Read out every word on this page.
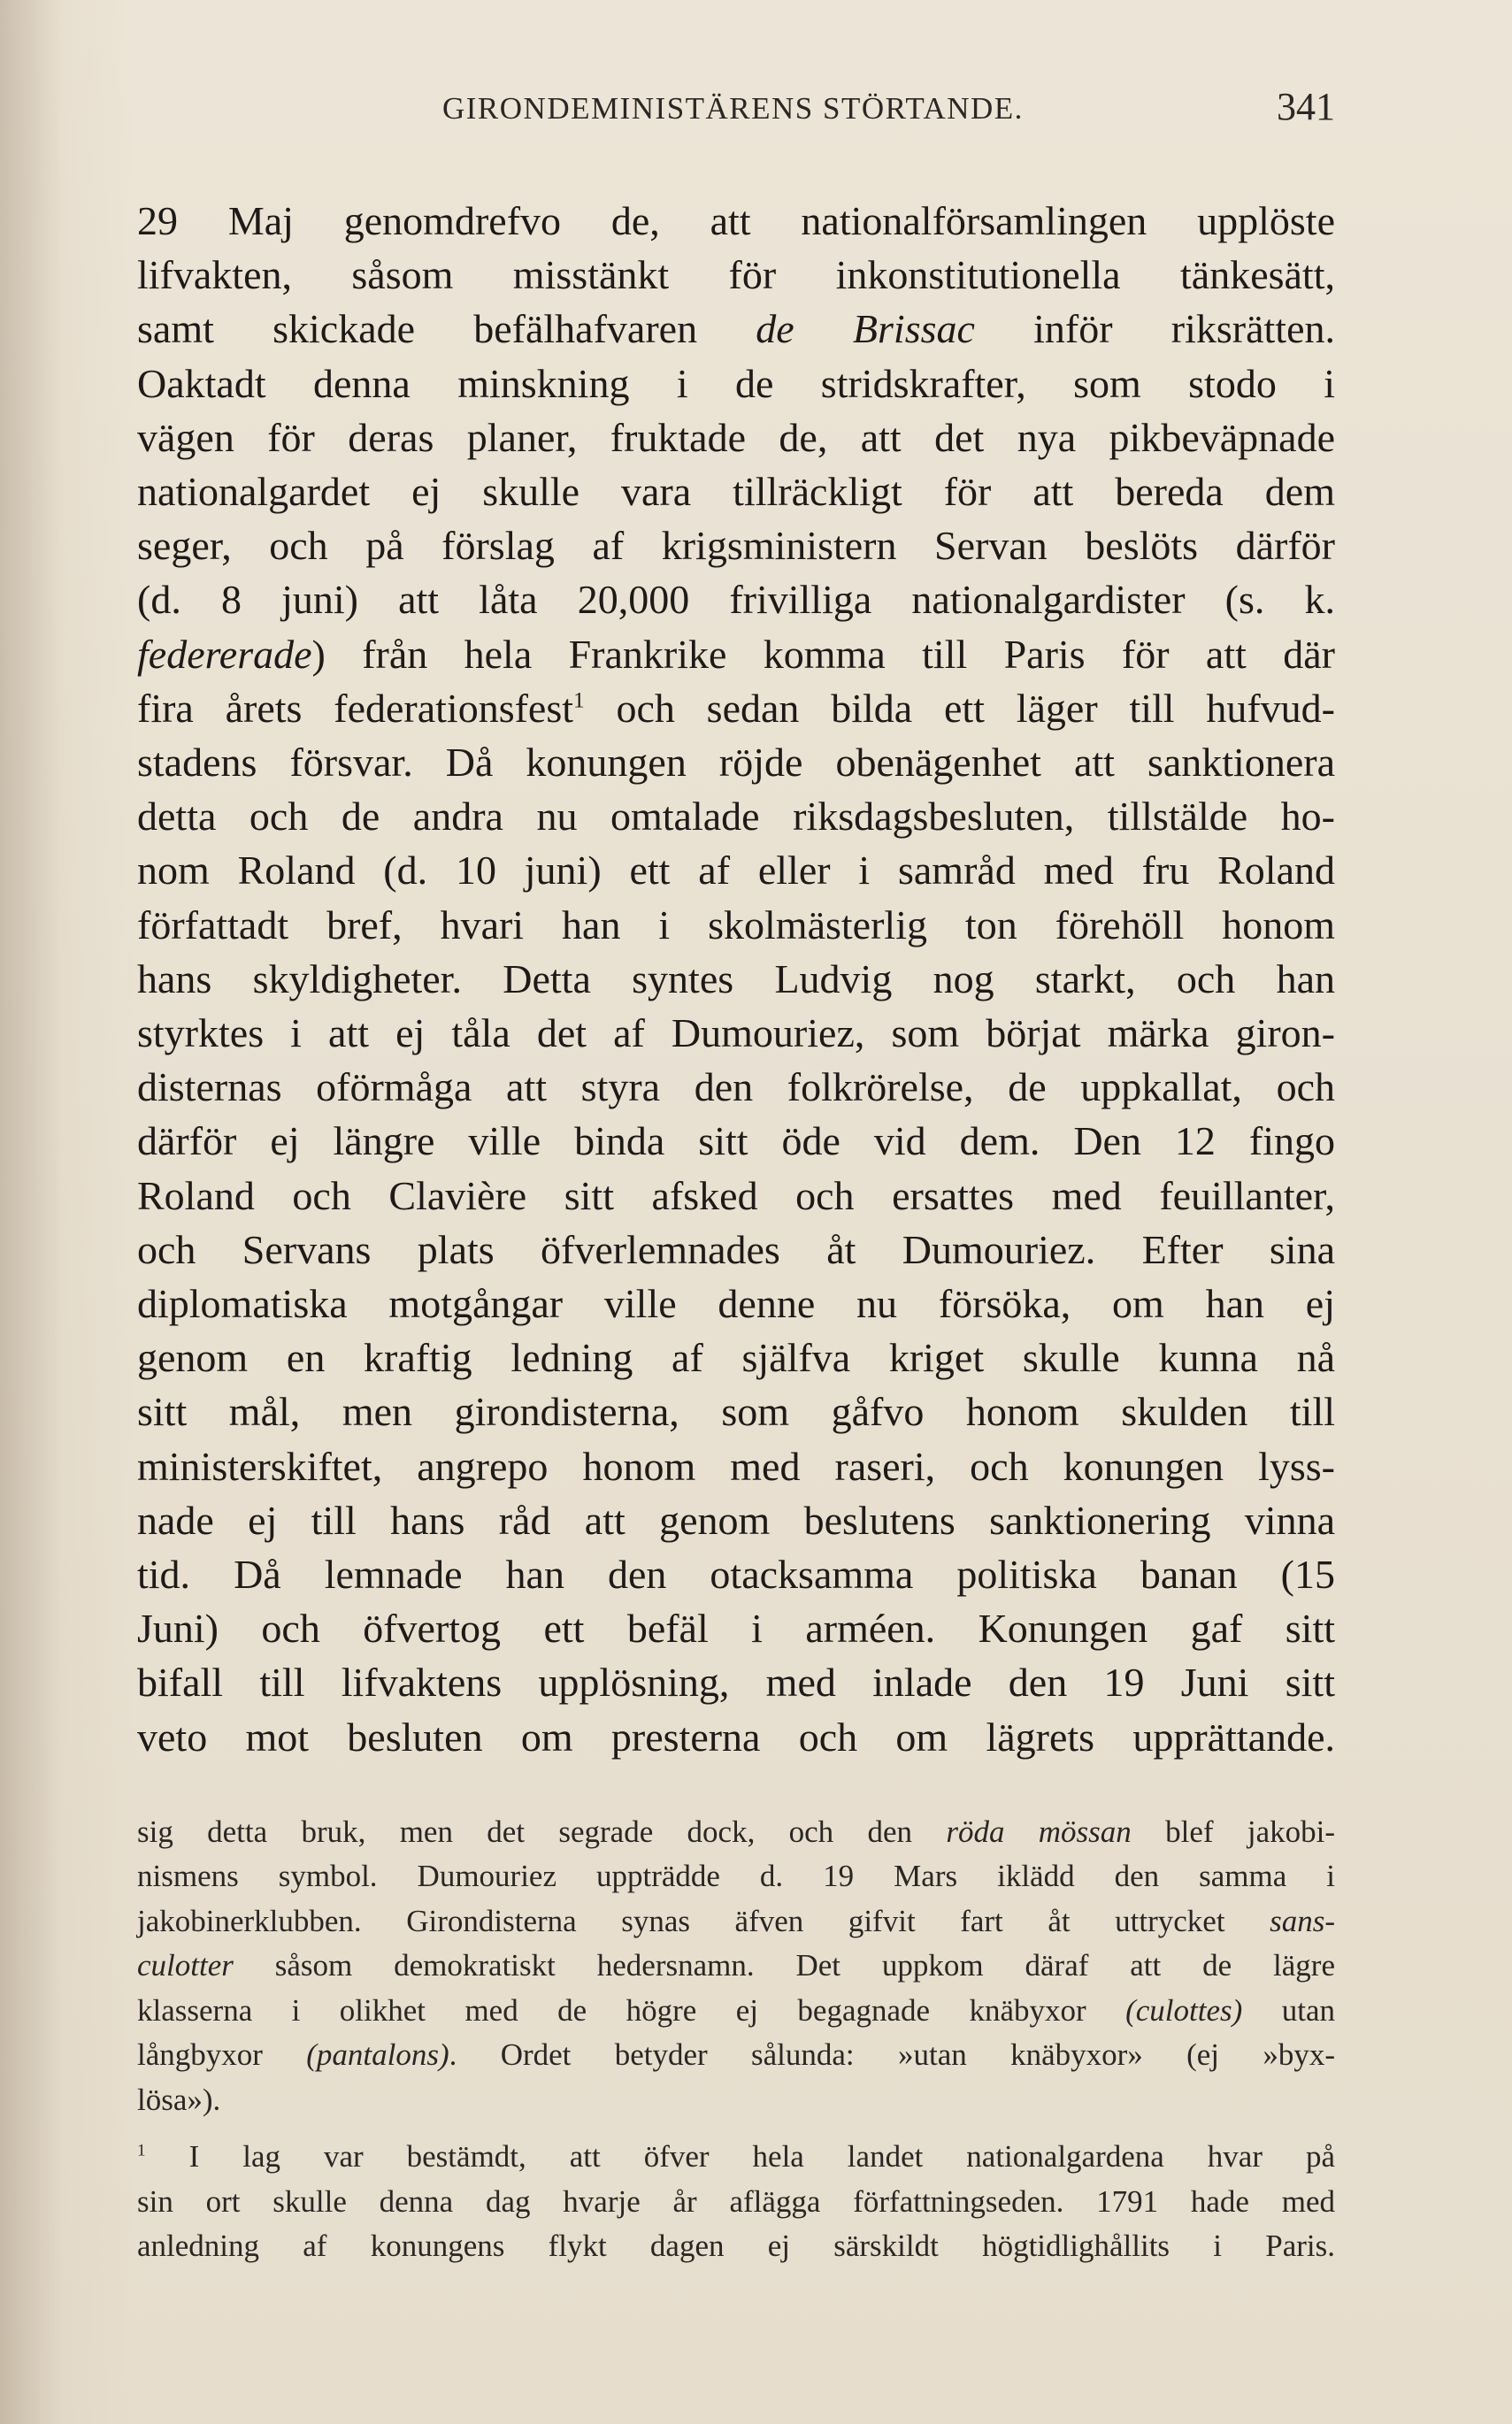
GIRONDEMINISTÄRENS STÖRTANDE.	341
29 Maj genomdrefvo de, att nationalförsamlingen upplöste
lifvakten, såsom misstänkt för inkonstitutionella tänkesätt,
samt skickade befälhafvaren de Brissac inför riksrätten.
Oaktadt denna minskning i de stridskrafter, som stodo i
vägen för deras planer, fruktade de, att det nya pikbeväpnade
nationalgardet ej skulle vara tillräckligt för att bereda dem
seger, och på förslag af krigsministern Servan beslöts därför
(d. 8 juni) att låta 20,000 frivilliga nationalgardister (s. k.
federerade) från hela Frankrike komma till Paris för att där
fira årets federationsfest$^1$ och sedan bilda ett läger till hufvud-
stadens försvar. Då konungen röjde obenägenhet att sanktionera
detta och de andra nu omtalade riksdagsbesluten, tillstälde ho-
nom Roland (d. 10 juni) ett af eller i samråd med fru Roland
författadt bref, hvari han i skolmästerlig ton förehöll honom
hans skyldigheter. Detta syntes Ludvig nog starkt, och han
styrktes i att ej tåla det af Dumouriez, som börjat märka giron-
disternas oförmåga att styra den folkrörelse, de uppkallat, och
därför ej längre ville binda sitt öde vid dem. Den 12 fingo
Roland och Clavière sitt afsked och ersattes med feuillanter,
och Servans plats öfverlemnades åt Dumouriez. Efter sina
diplomatiska motgångar ville denne nu försöka, om han ej
genom en kraftig ledning af själfva kriget skulle kunna nå
sitt mål, men girondisterna, som gåfvo honom skulden till
ministerskiftet, angrepo honom med raseri, och konungen lyss-
nade ej till hans råd att genom beslutens sanktionering vinna
tid. Då lemnade han den otacksamma politiska banan (15
Juni) och öfvertog ett befäl i arméen. Konungen gaf sitt
bifall till lifvaktens upplösning, med inlade den 19 Juni sitt
veto mot besluten om presterna och om lägrets upprättande.
sig detta bruk, men det segrade dock, och den röda mössan blef jakobi-
nismens symbol. Dumouriez uppträdde d. 19 Mars iklädd den samma i
jakobinerklubben. Girondisterna synas äfven gifvit fart åt uttrycket sans-
culotter såsom demokratiskt hedersnamn. Det uppkom däraf att de lägre
klasserna i olikhet med de högre ej begagnade knäbyxor (culottes) utan
långbyxor (pantalons). Ordet betyder sålunda: »utan knäbyxor» (ej »byx-
lösa»).
$^1$ I lag var bestämdt, att öfver hela landet nationalgardena hvar på
sin ort skulle denna dag hvarje år aflägga författningseden. 1791 hade med
anledning af konungens flykt dagen ej särskildt högtidlighållits i Paris.
